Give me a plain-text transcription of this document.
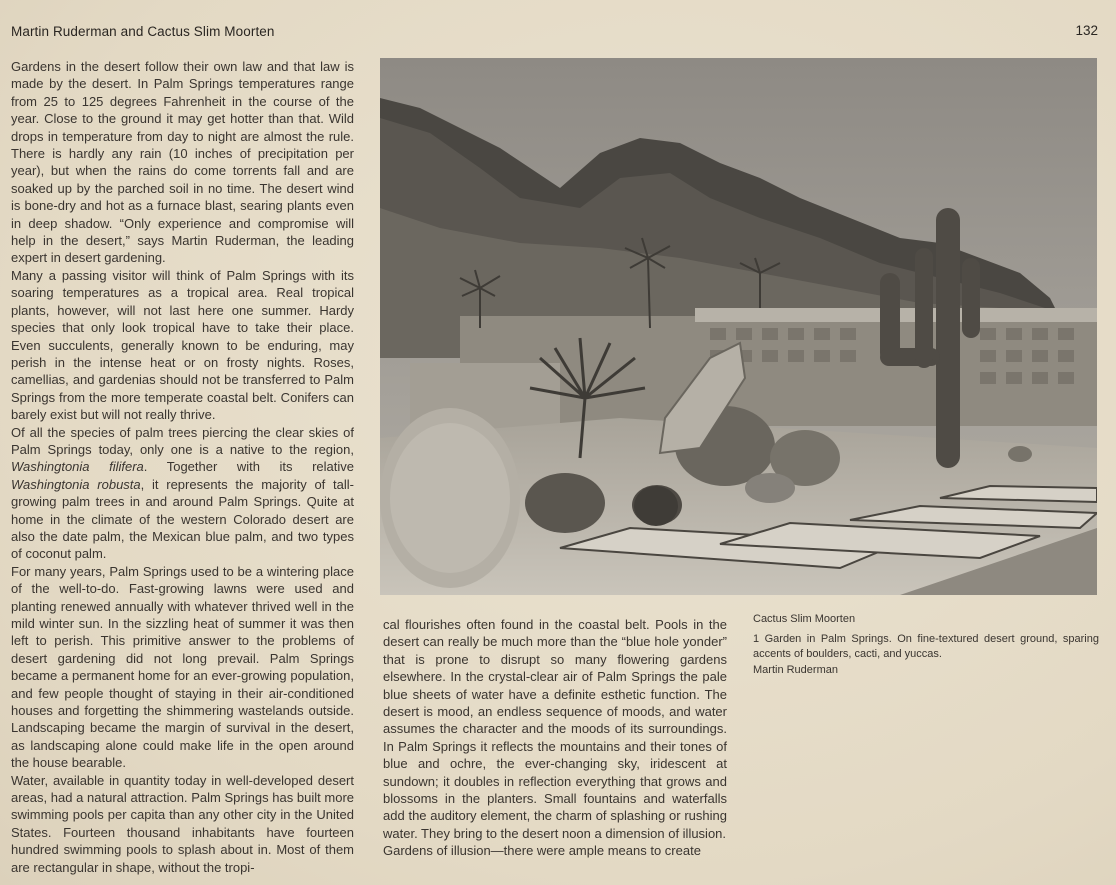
Martin Ruderman and Cactus Slim Moorten	132

Gardens in the desert follow their own law and that law is made by the desert. In Palm Springs temperatures range from 25 to 125 degrees Fahrenheit in the course of the year. Close to the ground it may get hotter than that. Wild drops in temperature from day to night are almost the rule. There is hardly any rain (10 inches of precipitation per year), but when the rains do come torrents fall and are soaked up by the parched soil in no time. The desert wind is bone-dry and hot as a furnace blast, searing plants even in deep shadow. “Only experience and compromise will help in the desert,” says Martin Ruderman, the leading expert in desert gardening.

Many a passing visitor will think of Palm Springs with its soaring temperatures as a tropical area. Real tropical plants, however, will not last here one summer. Hardy species that only look tropical have to take their place. Even succulents, generally known to be enduring, may perish in the intense heat or on frosty nights. Roses, camellias, and gardenias should not be transferred to Palm Springs from the more temperate coastal belt. Conifers can barely exist but will not really thrive.

Of all the species of palm trees piercing the clear skies of Palm Springs today, only one is a native to the region, Washingtonia filifera. Together with its relative Washingtonia robusta, it represents the majority of tall-growing palm trees in and around Palm Springs. Quite at home in the climate of the western Colorado desert are also the date palm, the Mexican blue palm, and two types of coconut palm.

For many years, Palm Springs used to be a wintering place of the well-to-do. Fast-growing lawns were used and planting renewed annually with whatever thrived well in the mild winter sun. In the sizzling heat of summer it was then left to perish. This primitive answer to the problems of desert gardening did not long prevail. Palm Springs became a permanent home for an ever-growing population, and few people thought of staying in their air-conditioned houses and forgetting the shimmering wastelands outside. Landscaping became the margin of survival in the desert, as landscaping alone could make life in the open around the house bearable.

Water, available in quantity today in well-developed desert areas, had a natural attraction. Palm Springs has built more swimming pools per capita than any other city in the United States. Fourteen thousand inhabitants have fourteen hundred swimming pools to splash about in. Most of them are rectangular in shape, without the tropi-

cal flourishes often found in the coastal belt. Pools in the desert can really be much more than the “blue hole yonder” that is prone to disrupt so many flowering gardens elsewhere. In the crystal-clear air of Palm Springs the pale blue sheets of water have a definite esthetic function. The desert is mood, an endless sequence of moods, and water assumes the character and the moods of its surroundings. In Palm Springs it reflects the mountains and their tones of blue and ochre, the ever-changing sky, iridescent at sundown; it doubles in reflection everything that grows and blossoms in the planters. Small fountains and waterfalls add the auditory element, the charm of splashing or rushing water. They bring to the desert noon a dimension of illusion.

Gardens of illusion—there were ample means to create

Cactus Slim Moorten
1 Garden in Palm Springs. On fine-textured desert ground, sparing accents of boulders, cacti, and yuccas.
Martin Ruderman
